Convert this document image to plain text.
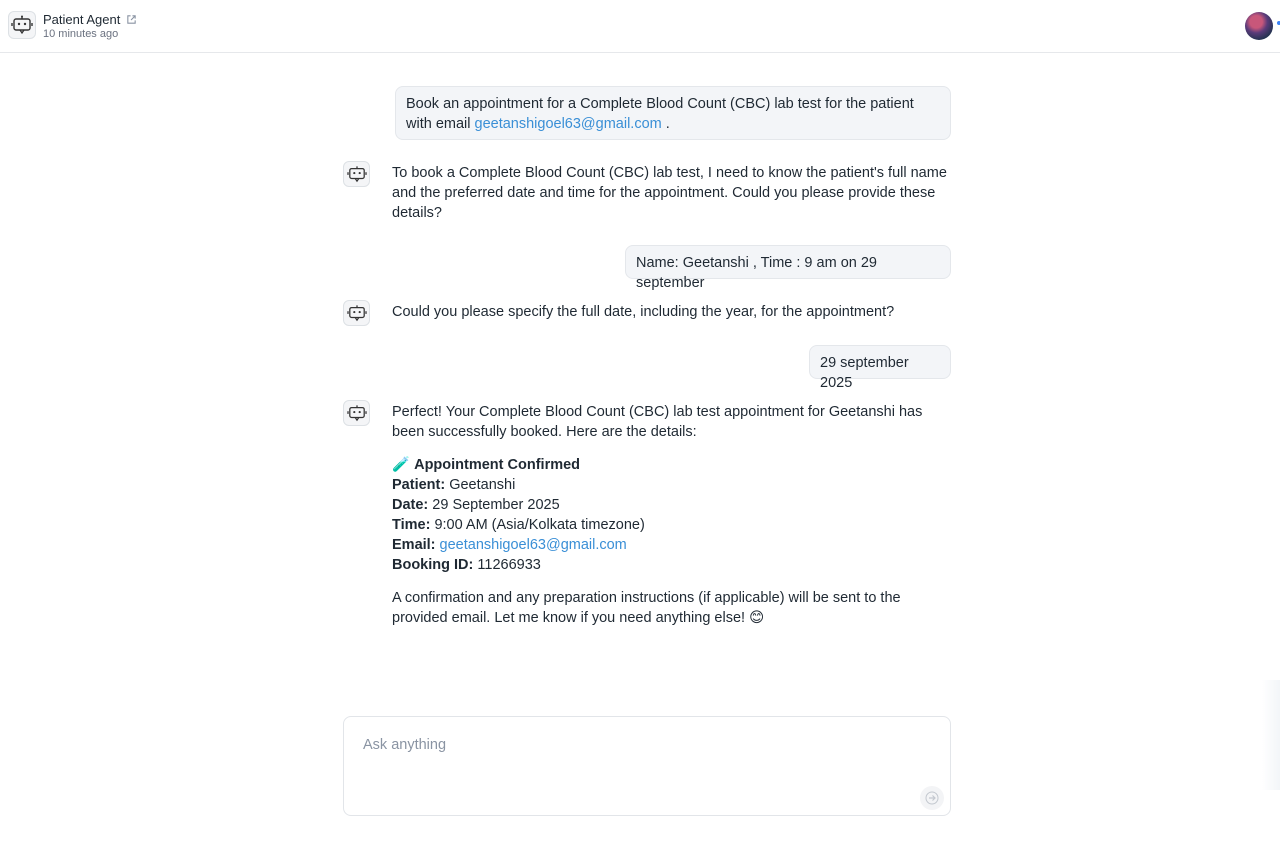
Patient Agent
10 minutes ago
Book an appointment for a Complete Blood Count (CBC) lab test for the patient with email geetanshigoel63@gmail.com .
To book a Complete Blood Count (CBC) lab test, I need to know the patient's full name and the preferred date and time for the appointment. Could you please provide these details?
Name: Geetanshi , Time : 9 am on 29 september
Could you please specify the full date, including the year, for the appointment?
29 september 2025
Perfect! Your Complete Blood Count (CBC) lab test appointment for Geetanshi has been successfully booked. Here are the details:
🧪 Appointment Confirmed
Patient: Geetanshi
Date: 29 September 2025
Time: 9:00 AM (Asia/Kolkata timezone)
Email: geetanshigoel63@gmail.com
Booking ID: 11266933
A confirmation and any preparation instructions (if applicable) will be sent to the provided email. Let me know if you need anything else! 😊
Ask anything
